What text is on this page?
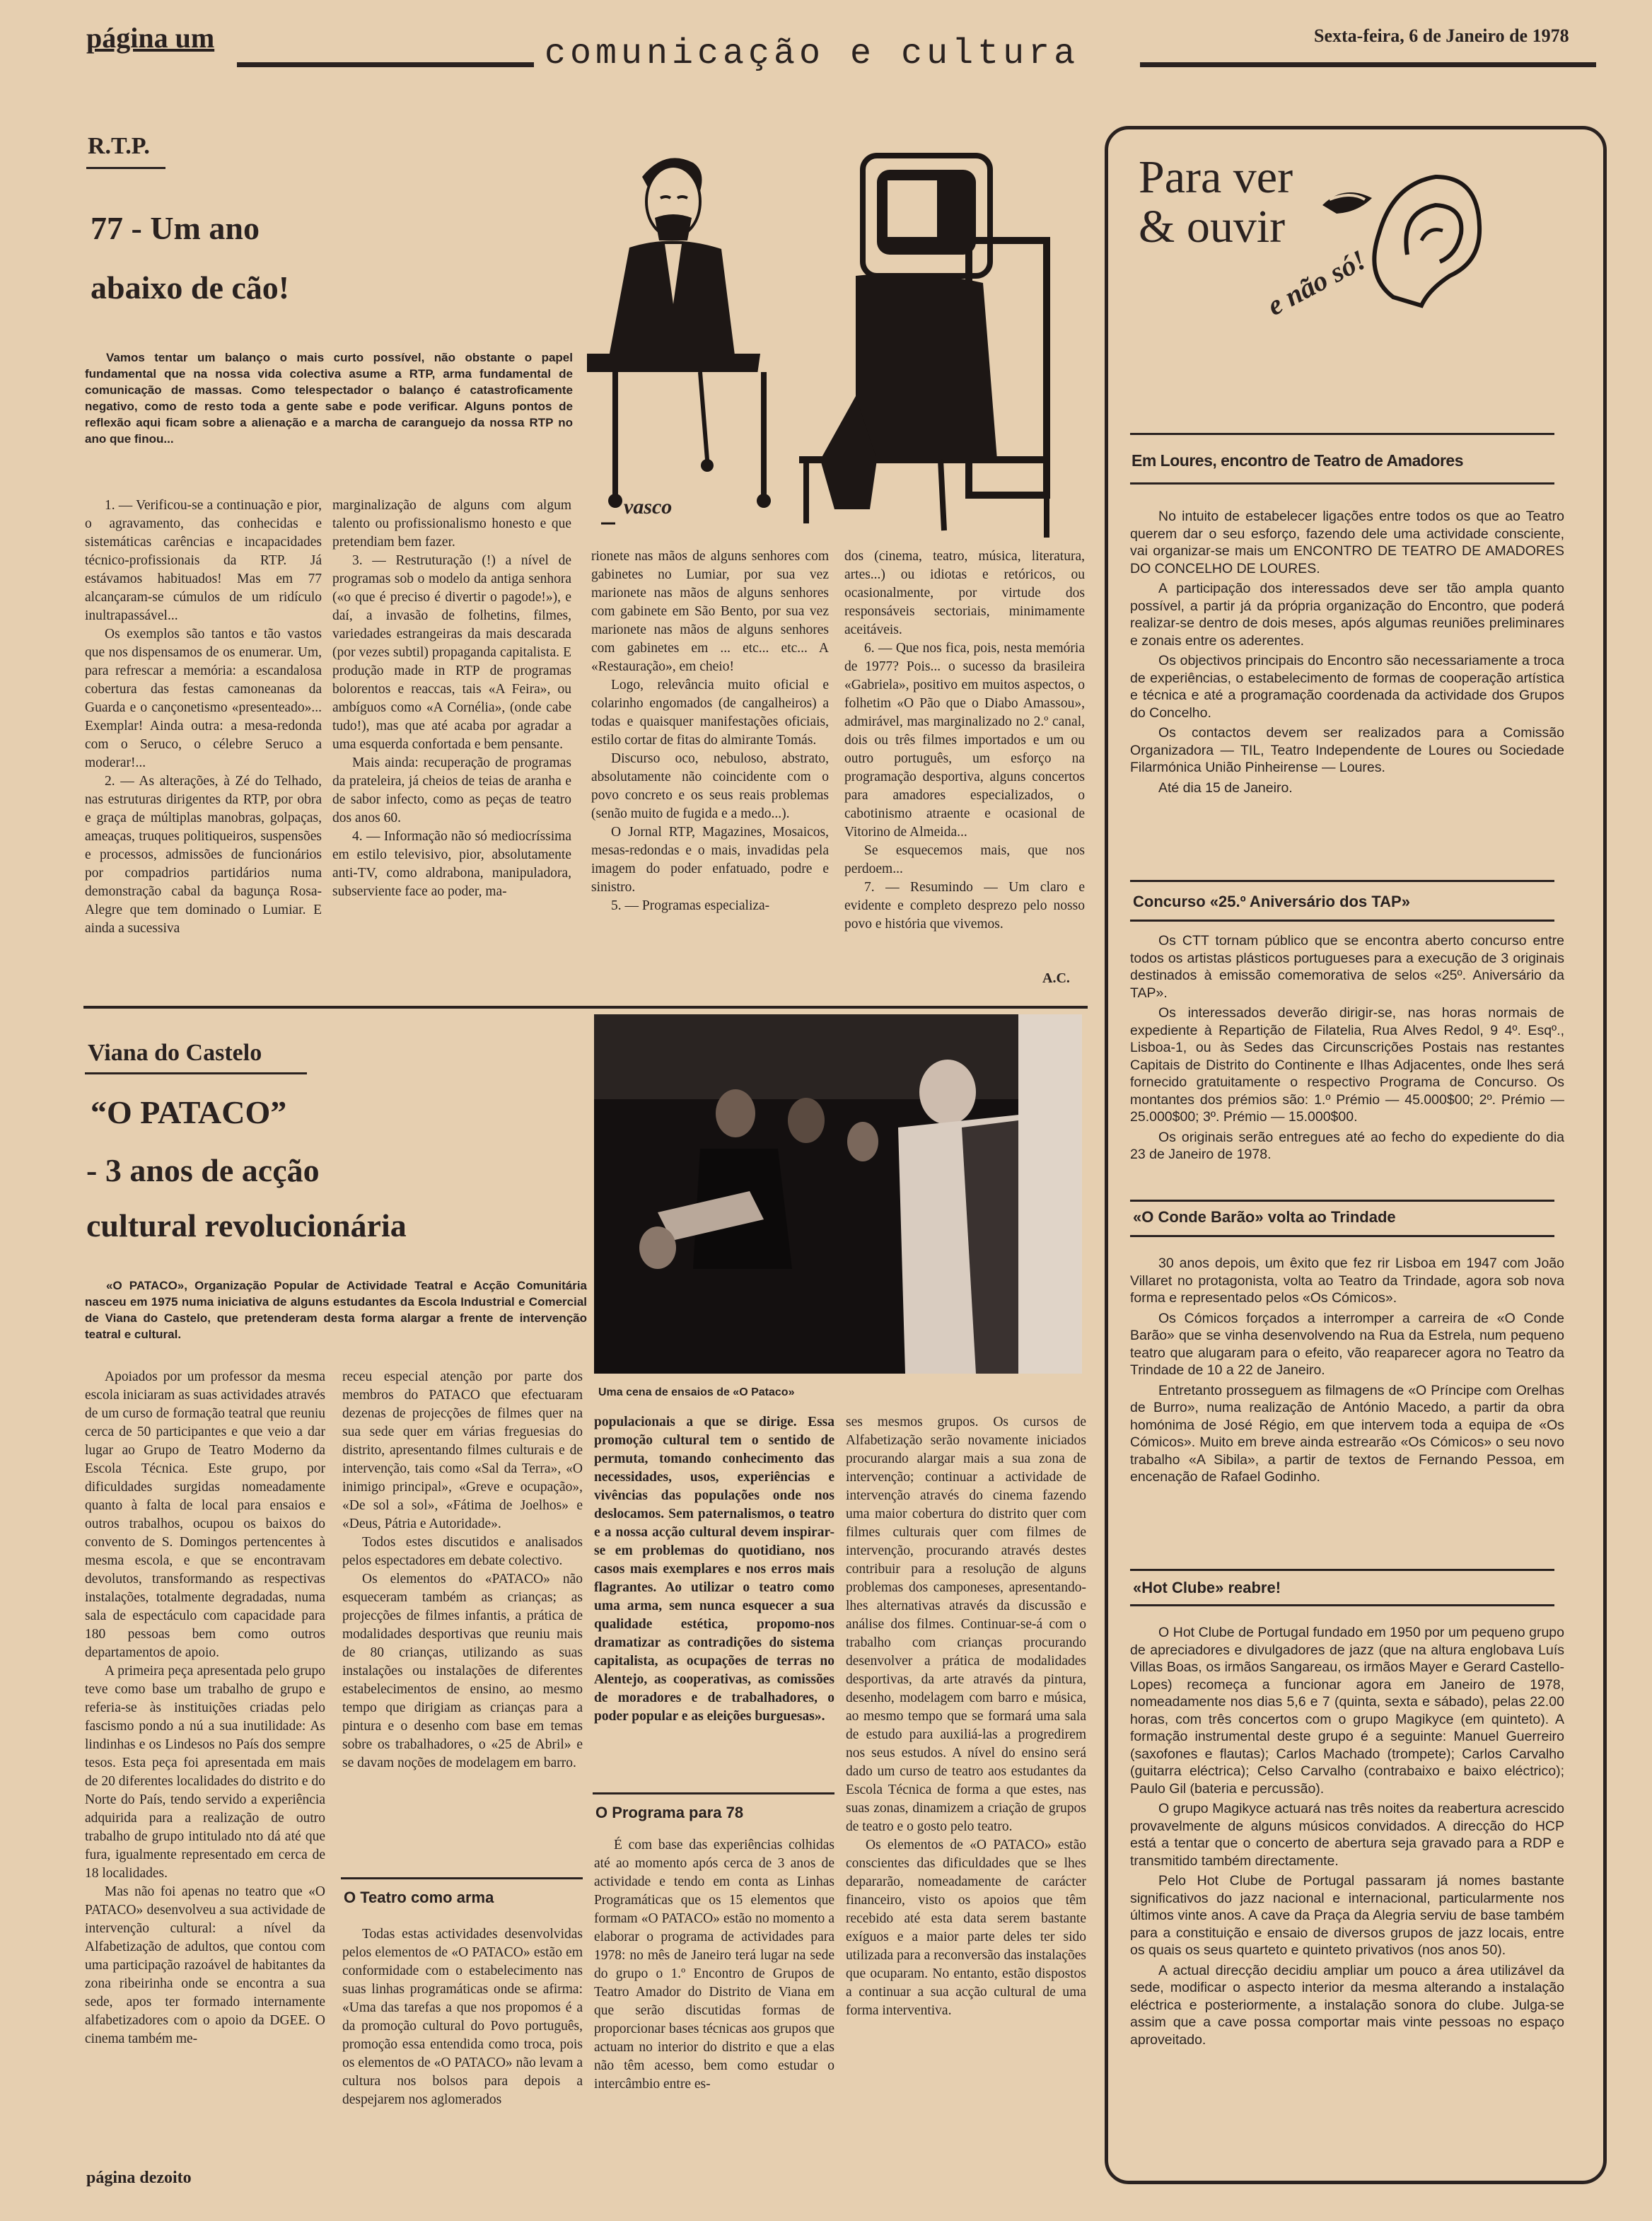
página um	comunicação e cultura	Sexta-feira, 6 de Janeiro de 1978
R.T.P.
77 - Um ano
abaixo de cão!
Vamos tentar um balanço o mais curto possível, não obstante o papel fundamental que na nossa vida colectiva asume a RTP, arma fundamental de comunicação de massas. Como telespectador o balanço é catastroficamente negativo, como de resto toda a gente sabe e pode verificar. Alguns pontos de reflexão aqui ficam sobre a alienação e a marcha de caranguejo da nossa RTP no ano que finou...
vasco

1. — Verificou-se a continuação e pior, o agravamento, das conhecidas e sistemáticas carências e incapacidades técnico-profissionais da RTP. Já estávamos habituados! Mas em 77 alcançaram-se cúmulos de um ridículo inultrapassável...

Os exemplos são tantos e tão vastos que nos dispensamos de os enumerar. Um, para refrescar a memória: a escandalosa cobertura das festas camoneanas da Guarda e o cançonetismo «presenteado»... Exemplar! Ainda outra: a mesa-redonda com o Seruco, o célebre Seruco a moderar!...

2. — As alterações, à Zé do Telhado, nas estruturas dirigentes da RTP, por obra e graça de múltiplas manobras, golpaças, ameaças, truques politiqueiros, suspensões e processos, admissões de funcionários por compadrios partidários numa demonstração cabal da bagunça Rosa-Alegre que tem dominado o Lumiar. E ainda a sucessiva

marginalização de alguns com algum talento ou profissionalismo honesto e que pretendiam bem fazer.

3. — Restruturação (!) a nível de programas sob o modelo da antiga senhora («o que é preciso é divertir o pagode!»), e daí, a invasão de folhetins, filmes, variedades estrangeiras da mais descarada (por vezes subtil) propaganda capitalista. E produção made in RTP de programas bolorentos e reaccas, tais «A Feira», ou ambíguos como «A Cornélia», (onde cabe tudo!), mas que até acaba por agradar a uma esquerda confortada e bem pensante.

Mais ainda: recuperação de programas da prateleira, já cheios de teias de aranha e de sabor infecto, como as peças de teatro dos anos 60.

4. — Informação não só mediocríssima em estilo televisivo, pior, absolutamente anti-TV, como aldrabona, manipuladora, subserviente face ao poder, ma-

rionete nas mãos de alguns senhores com gabinetes no Lumiar, por sua vez marionete nas mãos de alguns senhores com gabinete em São Bento, por sua vez marionete nas mãos de alguns senhores com gabinetes em ... etc... etc... A «Restauração», em cheio!

Logo, relevância muito oficial e colarinho engomados (de cangalheiros) a todas e quaisquer manifestações oficiais, estilo cortar de fitas do almirante Tomás.

Discurso oco, nebuloso, abstrato, absolutamente não coincidente com o povo concreto e os seus reais problemas (senão muito de fugida e a medo...).

O Jornal RTP, Magazines, Mosaicos, mesas-redondas e o mais, invadidas pela imagem do poder enfatuado, podre e sinistro.

5. — Programas especializa-

dos (cinema, teatro, música, literatura, artes...) ou idiotas e retóricos, ou ocasionalmente, por virtude dos responsáveis sectoriais, minimamente aceitáveis.

6. — Que nos fica, pois, nesta memória de 1977? Pois... o sucesso da brasileira «Gabriela», positivo em muitos aspectos, o folhetim «O Pão que o Diabo Amassou», admirável, mas marginalizado no 2.º canal, dois ou três filmes importados e um ou outro português, um esforço na programação desportiva, alguns concertos para amadores especializados, o cabotinismo atraente e ocasional de Vitorino de Almeida...

Se esquecemos mais, que nos perdoem...

7. — Resumindo — Um claro e evidente e completo desprezo pelo nosso povo e história que vivemos.

A.C.
Viana do Castelo
“O PATACO”
- 3 anos de acção
cultural revolucionária
«O PATACO», Organização Popular de Actividade Teatral e Acção Comunitária nasceu em 1975 numa iniciativa de alguns estudantes da Escola Industrial e Comercial de Viana do Castelo, que pretenderam desta forma alargar a frente de intervenção teatral e cultural.
Uma cena de ensaios de «O Pataco»

Apoiados por um professor da mesma escola iniciaram as suas actividades através de um curso de formação teatral que reuniu cerca de 50 participantes e que veio a dar lugar ao Grupo de Teatro Moderno da Escola Técnica. Este grupo, por dificuldades surgidas nomeadamente quanto à falta de local para ensaios e outros trabalhos, ocupou os baixos do convento de S. Domingos pertencentes à mesma escola, e que se encontravam devolutos, transformando as respectivas instalações, totalmente degradadas, numa sala de espectáculo com capacidade para 180 pessoas bem como outros departamentos de apoio.

A primeira peça apresentada pelo grupo teve como base um trabalho de grupo e referia-se às instituições criadas pelo fascismo pondo a nú a sua inutilidade: As lindinhas e os Lindesos no País dos sempre tesos. Esta peça foi apresentada em mais de 20 diferentes localidades do distrito e do Norte do País, tendo servido a experiência adquirida para a realização de outro trabalho de grupo intitulado nto dá até que fura, igualmente representado em cerca de 18 localidades.

Mas não foi apenas no teatro que «O PATACO» desenvolveu a sua actividade de intervenção cultural: a nível da Alfabetização de adultos, que contou com uma participação razoável de habitantes da zona ribeirinha onde se encontra a sua sede, apos ter formado internamente alfabetizadores com o apoio da DGEE. O cinema também me-

receu especial atenção por parte dos membros do PATACO que efectuaram dezenas de projecções de filmes quer na sua sede quer em várias freguesias do distrito, apresentando filmes culturais e de intervenção, tais como «Sal da Terra», «O inimigo principal», «Greve e ocupação», «De sol a sol», «Fátima de Joelhos» e «Deus, Pátria e Autoridade».

Todos estes discutidos e analisados pelos espectadores em debate colectivo.

Os elementos do «PATACO» não esqueceram também as crianças; as projecções de filmes infantis, a prática de modalidades desportivas que reuniu mais de 80 crianças, utilizando as suas instalações ou instalações de diferentes estabelecimentos de ensino, ao mesmo tempo que dirigiam as crianças para a pintura e o desenho com base em temas sobre os trabalhadores, o «25 de Abril» e se davam noções de modelagem em barro.

O Teatro como arma

Todas estas actividades desenvolvidas pelos elementos de «O PATACO» estão em conformidade com o estabelecimento nas suas linhas programáticas onde se afirma: «Uma das tarefas a que nos propomos é a da promoção cultural do Povo português, promoção essa entendida como troca, pois os elementos de «O PATACO» não levam a cultura nos bolsos para depois a despejarem nos aglomerados

populacionais a que se dirige. Essa promoção cultural tem o sentido de permuta, tomando conhecimento das necessidades, usos, experiências e vivências das populações onde nos deslocamos. Sem paternalismos, o teatro e a nossa acção cultural devem inspirar-se em problemas do quotidiano, nos casos mais exemplares e nos erros mais flagrantes. Ao utilizar o teatro como uma arma, sem nunca esquecer a sua qualidade estética, propomo-nos dramatizar as contradições do sistema capitalista, as ocupações de terras no Alentejo, as cooperativas, as comissões de moradores e de trabalhadores, o poder popular e as eleições burguesas».

O Programa para 78

É com base das experiências colhidas até ao momento após cerca de 3 anos de actividade e tendo em conta as Linhas Programáticas que os 15 elementos que formam «O PATACO» estão no momento a elaborar o programa de actividades para 1978: no mês de Janeiro terá lugar na sede do grupo o 1.º Encontro de Grupos de Teatro Amador do Distrito de Viana em que serão discutidas formas de proporcionar bases técnicas aos grupos que actuam no interior do distrito e que a elas não têm acesso, bem como estudar o intercâmbio entre es-

ses mesmos grupos. Os cursos de Alfabetização serão novamente iniciados procurando alargar mais a sua zona de intervenção; continuar a actividade de intervenção através do cinema fazendo uma maior cobertura do distrito quer com filmes culturais quer com filmes de intervenção, procurando através destes contribuir para a resolução de alguns problemas dos camponeses, apresentando-lhes alternativas através da discussão e análise dos filmes. Continuar-se-á com o trabalho com crianças procurando desenvolver a prática de modalidades desportivas, da arte através da pintura, desenho, modelagem com barro e música, ao mesmo tempo que se formará uma sala de estudo para auxiliá-las a progredirem nos seus estudos. A nível do ensino será dado um curso de teatro aos estudantes da Escola Técnica de forma a que estes, nas suas zonas, dinamizem a criação de grupos de teatro e o gosto pelo teatro.

Os elementos de «O PATACO» estão conscientes das dificuldades que se lhes depararão, nomeadamente de carácter financeiro, visto os apoios que têm recebido até esta data serem bastante exíguos e a maior parte deles ter sido utilizada para a reconversão das instalações que ocuparam. No entanto, estão dispostos a continuar a sua acção cultural de uma forma interventiva.

página dezoito
Para ver
& ouvir
e não só!
Em Loures, encontro de Teatro de Amadores

No intuito de estabelecer ligações entre todos os que ao Teatro querem dar o seu esforço, fazendo dele uma actividade consciente, vai organizar-se mais um ENCONTRO DE TEATRO DE AMADORES DO CONCELHO DE LOURES.

A participação dos interessados deve ser tão ampla quanto possível, a partir já da própria organização do Encontro, que poderá realizar-se dentro de dois meses, após algumas reuniões preliminares e zonais entre os aderentes.

Os objectivos principais do Encontro são necessariamente a troca de experiências, o estabelecimento de formas de cooperação artística e técnica e até a programação coordenada da actividade dos Grupos do Concelho.

Os contactos devem ser realizados para a Comissão Organizadora — TIL, Teatro Independente de Loures ou Sociedade Filarmónica União Pinheirense — Loures.

Até dia 15 de Janeiro.

Concurso «25.º Aniversário dos TAP»

Os CTT tornam público que se encontra aberto concurso entre todos os artistas plásticos portugueses para a execução de 3 originais destinados à emissão comemorativa de selos «25º. Aniversário da TAP».

Os interessados deverão dirigir-se, nas horas normais de expediente à Repartição de Filatelia, Rua Alves Redol, 9 4º. Esqº., Lisboa-1, ou às Sedes das Circunscrições Postais nas restantes Capitais de Distrito do Continente e Ilhas Adjacentes, onde lhes será fornecido gratuitamente o respectivo Programa de Concurso. Os montantes dos prémios são: 1.º Prémio — 45.000$00; 2º. Prémio — 25.000$00; 3º. Prémio — 15.000$00.

Os originais serão entregues até ao fecho do expediente do dia 23 de Janeiro de 1978.

«O Conde Barão» volta ao Trindade

30 anos depois, um êxito que fez rir Lisboa em 1947 com João Villaret no protagonista, volta ao Teatro da Trindade, agora sob nova forma e representado pelos «Os Cómicos».

Os Cómicos forçados a interromper a carreira de «O Conde Barão» que se vinha desenvolvendo na Rua da Estrela, num pequeno teatro que alugaram para o efeito, vão reaparecer agora no Teatro da Trindade de 10 a 22 de Janeiro.

Entretanto prosseguem as filmagens de «O Príncipe com Orelhas de Burro», numa realização de António Macedo, a partir da obra homónima de José Régio, em que intervem toda a equipa de «Os Cómicos». Muito em breve ainda estrearão «Os Cómicos» o seu novo trabalho «A Sibila», a partir de textos de Fernando Pessoa, em encenação de Rafael Godinho.

«Hot Clube» reabre!

O Hot Clube de Portugal fundado em 1950 por um pequeno grupo de apreciadores e divulgadores de jazz (que na altura englobava Luís Villas Boas, os irmãos Sangareau, os irmãos Mayer e Gerard Castello-Lopes) recomeça a funcionar agora em Janeiro de 1978, nomeadamente nos dias 5,6 e 7 (quinta, sexta e sábado), pelas 22.00 horas, com três concertos com o grupo Magikyce (em quinteto). A formação instrumental deste grupo é a seguinte: Manuel Guerreiro (saxofones e flautas); Carlos Machado (trompete); Carlos Carvalho (guitarra eléctrica); Celso Carvalho (contrabaixo e baixo eléctrico); Paulo Gil (bateria e percussão).

O grupo Magikyce actuará nas três noites da reabertura acrescido provavelmente de alguns músicos convidados. A direcção do HCP está a tentar que o concerto de abertura seja gravado para a RDP e transmitido também directamente.

Pelo Hot Clube de Portugal passaram já nomes bastante significativos do jazz nacional e internacional, particularmente nos últimos vinte anos. A cave da Praça da Alegria serviu de base também para a constituição e ensaio de diversos grupos de jazz locais, entre os quais os seus quarteto e quinteto privativos (nos anos 50).

A actual direcção decidiu ampliar um pouco a área utilizável da sede, modificar o aspecto interior da mesma alterando a instalação eléctrica e posteriormente, a instalação sonora do clube. Julga-se assim que a cave possa comportar mais vinte pessoas no espaço aproveitado.
